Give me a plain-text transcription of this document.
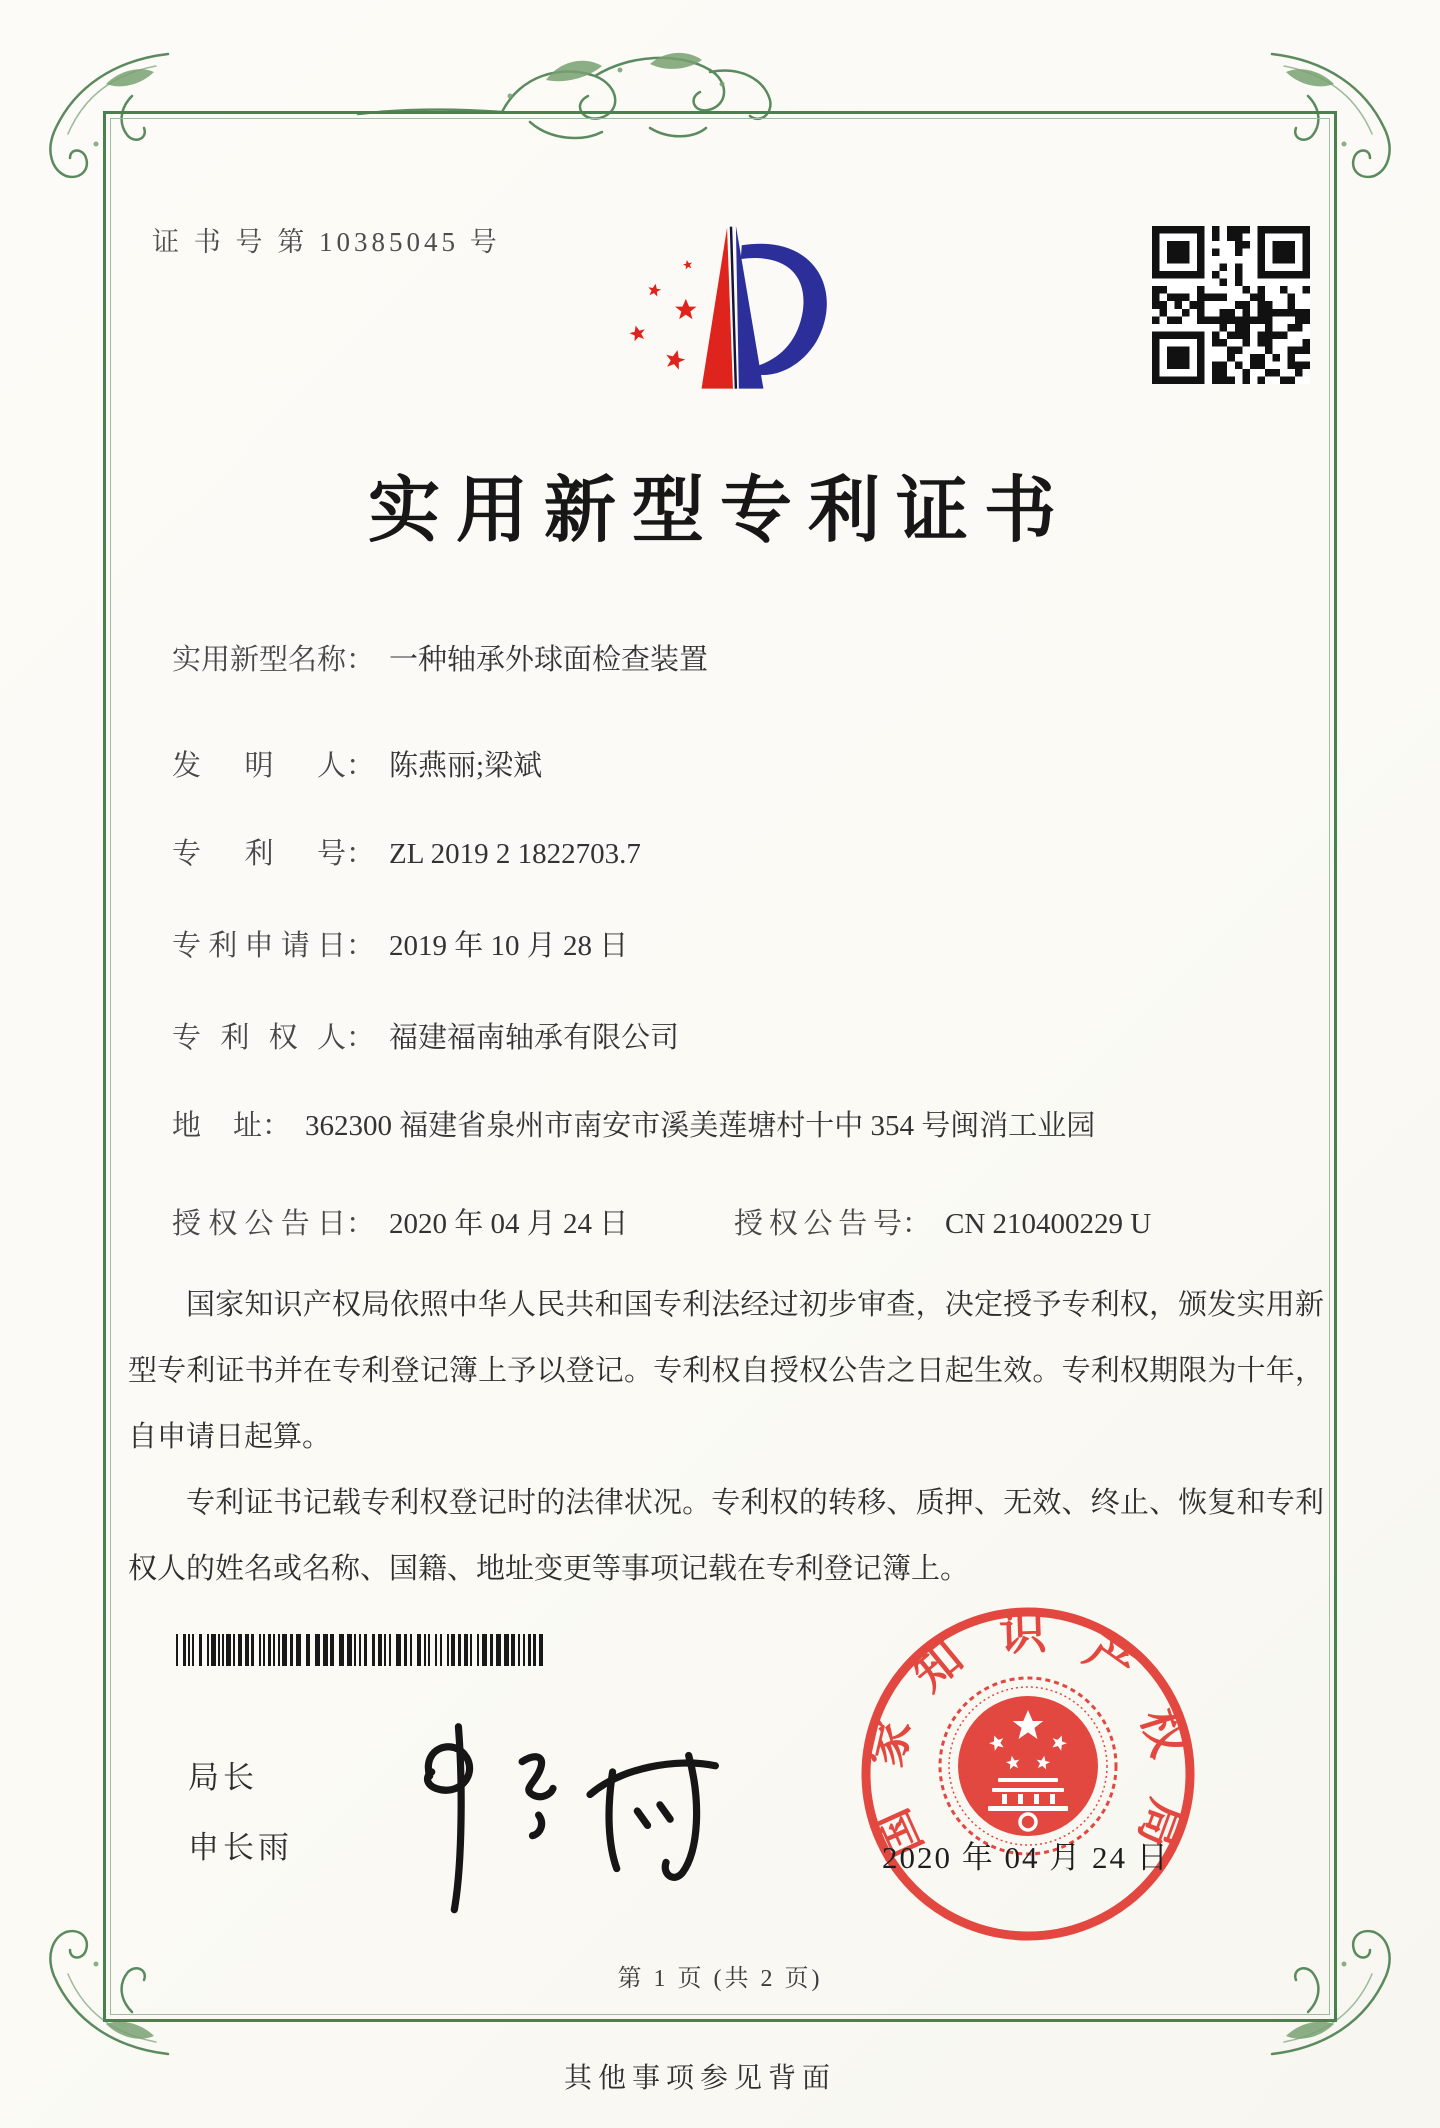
证 书 号 第 10385045 号
实用新型专利证书
实用新型名称 ： 一种轴承外球面检查装置
发明人 ： 陈燕丽;梁斌
专利号 ： ZL 2019 2 1822703.7
专利申请日 ： 2019 年 10 月 28 日
专利权人 ： 福建福南轴承有限公司
地址 ： 362300 福建省泉州市南安市溪美莲塘村十中 354 号闽消工业园
授权公告日 ： 2020 年 04 月 24 日	授权公告号 ： CN 210400229 U

国家知识产权局依照中华人民共和国专利法经过初步审查，决定授予专利权，颁发实用新型专利证书并在专利登记簿上予以登记。专利权自授权公告之日起生效。专利权期限为十年，自申请日起算。

专利证书记载专利权登记时的法律状况。专利权的转移、质押、无效、终止、恢复和专利权人的姓名或名称、国籍、地址变更等事项记载在专利登记簿上。

局长
申长雨	国家知识产权局
2020 年 04 月 24 日
第 1 页 (共 2 页)
其他事项参见背面
